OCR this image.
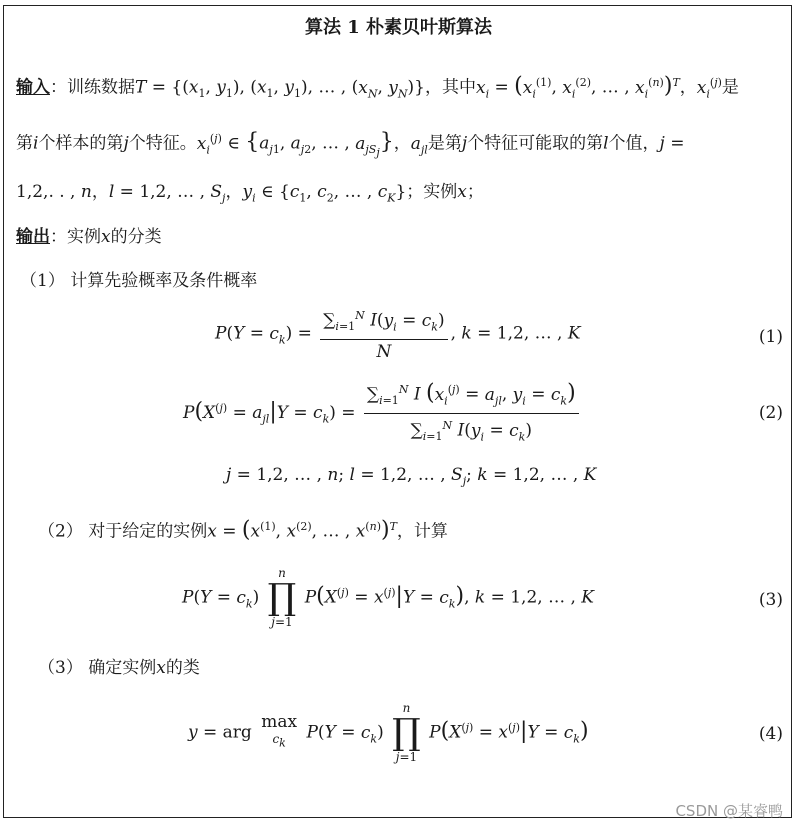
算法 1 朴素贝叶斯算法
输入：训练数据$T = \{(x_1$, $y_1$), ($x_1$, $y_1$), … , ($x_N$, $y_N$)}，其中$x_i = (x_i^{(1)}$, $x_i^{(2)}$, … , $x_i^{(n)})^T$，$x_i^{(j)}$是
第i个样本的第j个特征。$x_i^{(j)}$ ∈ {$a_{j1}$, $a_{j2}$, … , $a_{jS_j}$}，$a_{jl}$是第j个特征可能取的第l个值，j =
1,2,. . , n，l = 1,2, … , $S_j$，$y_i$ ∈ {$c_1$, $c_2$, … , $c_K$}；实例x；
输出：实例x的分类
（1） 计算先验概率及条件概率
$P(Y = c_k) = \frac{\sum_{i=1}^N I(y_i = c_k)}{N}$ , k = 1,2, … , K	(1)
$P(X^{(j)} = a_{jl}|Y = c_k) = \frac{\sum_{i=1}^N I (x_i^{(j)} = a_{jl}, y_i = c_k)}{\sum_{i=1}^N I(y_i = c_k)}$	(2)
j = 1,2, … , n; l = 1,2, … , $S_j$; k = 1,2, … , K
（2） 对于给定的实例$x = (x^{(1)}$, $x^{(2)}$, … , $x^{(n)})^T$，计算
$P(Y = c_k)$
n
∏
j=1
$P(X^{(j)} = x^{(j)}|Y = c_k)$, k = 1,2, … , K	(3)
（3） 确定实例x的类
y = arg
max
$c_k$
$P(Y = c_k)$
n
∏
j=1
$P(X^{(j)} = x^{(j)}|Y = c_k)$	(4)
CSDN @某睿鸭
